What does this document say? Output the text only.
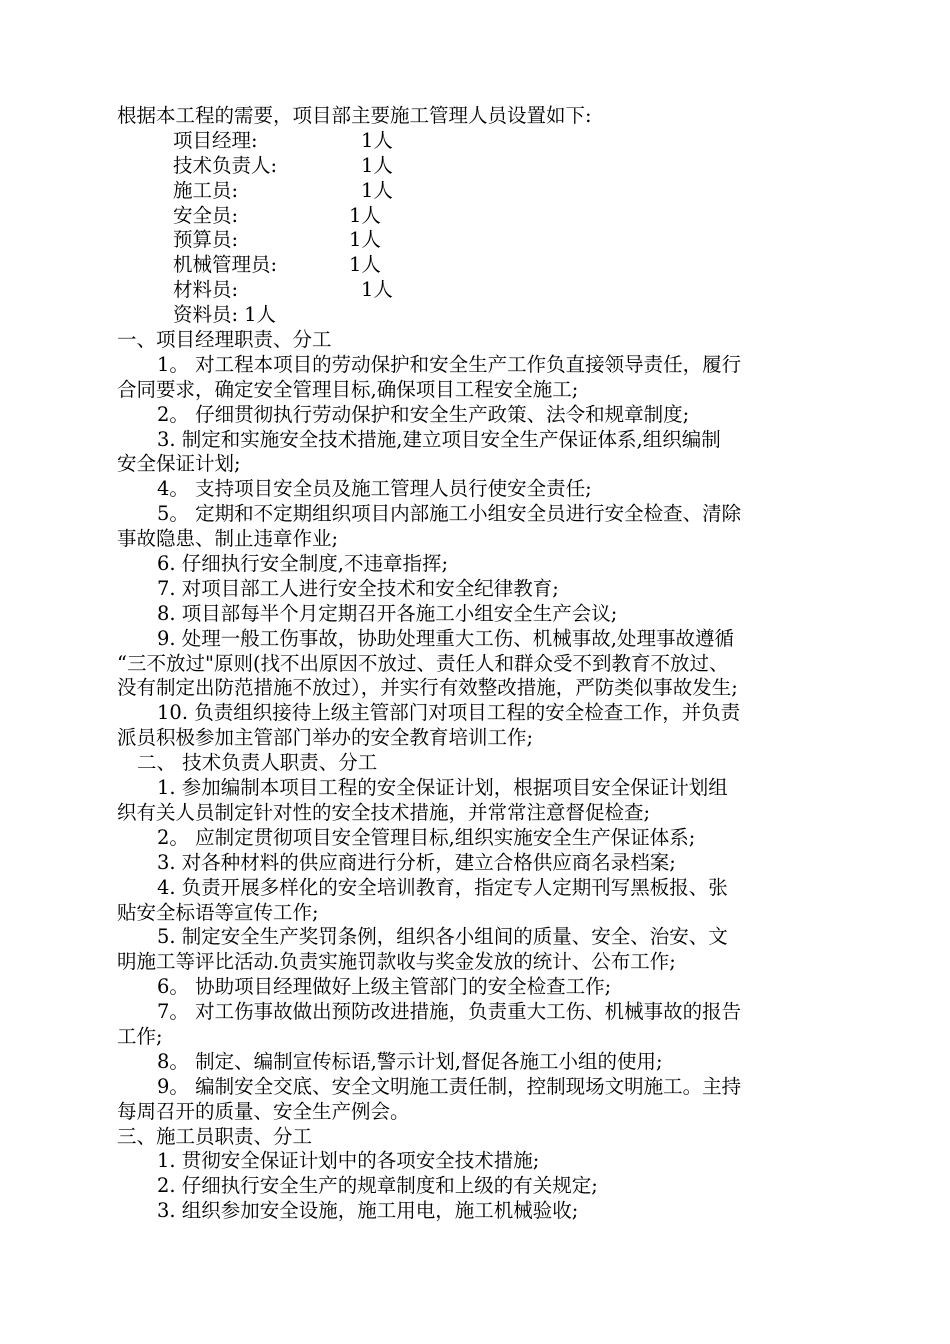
根据本工程的需要，项目部主要施工管理人员设置如下:
项目经理:	1人
技术负责人:	1人
施工员:	1人
安全员:	1人
预算员:	1人
机械管理员:	1人
材料员:	1人
资料员: 1人
一、项目经理职责、分工
1。 对工程本项目的劳动保护和安全生产工作负直接领导责任，履行
合同要求，确定安全管理目标,确保项目工程安全施工;
2。 仔细贯彻执行劳动保护和安全生产政策、法令和规章制度;
3. 制定和实施安全技术措施,建立项目安全生产保证体系,组织编制
安全保证计划;
4。 支持项目安全员及施工管理人员行使安全责任;
5。 定期和不定期组织项目内部施工小组安全员进行安全检查、清除
事故隐患、制止违章作业;
6. 仔细执行安全制度,不违章指挥;
7. 对项目部工人进行安全技术和安全纪律教育;
8. 项目部每半个月定期召开各施工小组安全生产会议;
9. 处理一般工伤事故，协助处理重大工伤、机械事故,处理事故遵循
“三不放过"原则(找不出原因不放过、责任人和群众受不到教育不放过、
没有制定出防范措施不放过），并实行有效整改措施，严防类似事故发生;
10. 负责组织接待上级主管部门对项目工程的安全检查工作，并负责
派员积极参加主管部门举办的安全教育培训工作;
二、 技术负责人职责、分工
1. 参加编制本项目工程的安全保证计划，根据项目安全保证计划组
织有关人员制定针对性的安全技术措施，并常常注意督促检查;
2。 应制定贯彻项目安全管理目标,组织实施安全生产保证体系;
3. 对各种材料的供应商进行分析，建立合格供应商名录档案;
4. 负责开展多样化的安全培训教育，指定专人定期刊写黑板报、张
贴安全标语等宣传工作;
5. 制定安全生产奖罚条例，组织各小组间的质量、安全、治安、文
明施工等评比活动.负责实施罚款收与奖金发放的统计、公布工作;
6。 协助项目经理做好上级主管部门的安全检查工作;
7。 对工伤事故做出预防改进措施，负责重大工伤、机械事故的报告
工作;
8。 制定、编制宣传标语,警示计划,督促各施工小组的使用;
9。 编制安全交底、安全文明施工责任制，控制现场文明施工。主持
每周召开的质量、安全生产例会。
三、施工员职责、分工
1. 贯彻安全保证计划中的各项安全技术措施;
2. 仔细执行安全生产的规章制度和上级的有关规定;
3. 组织参加安全设施，施工用电，施工机械验收;
